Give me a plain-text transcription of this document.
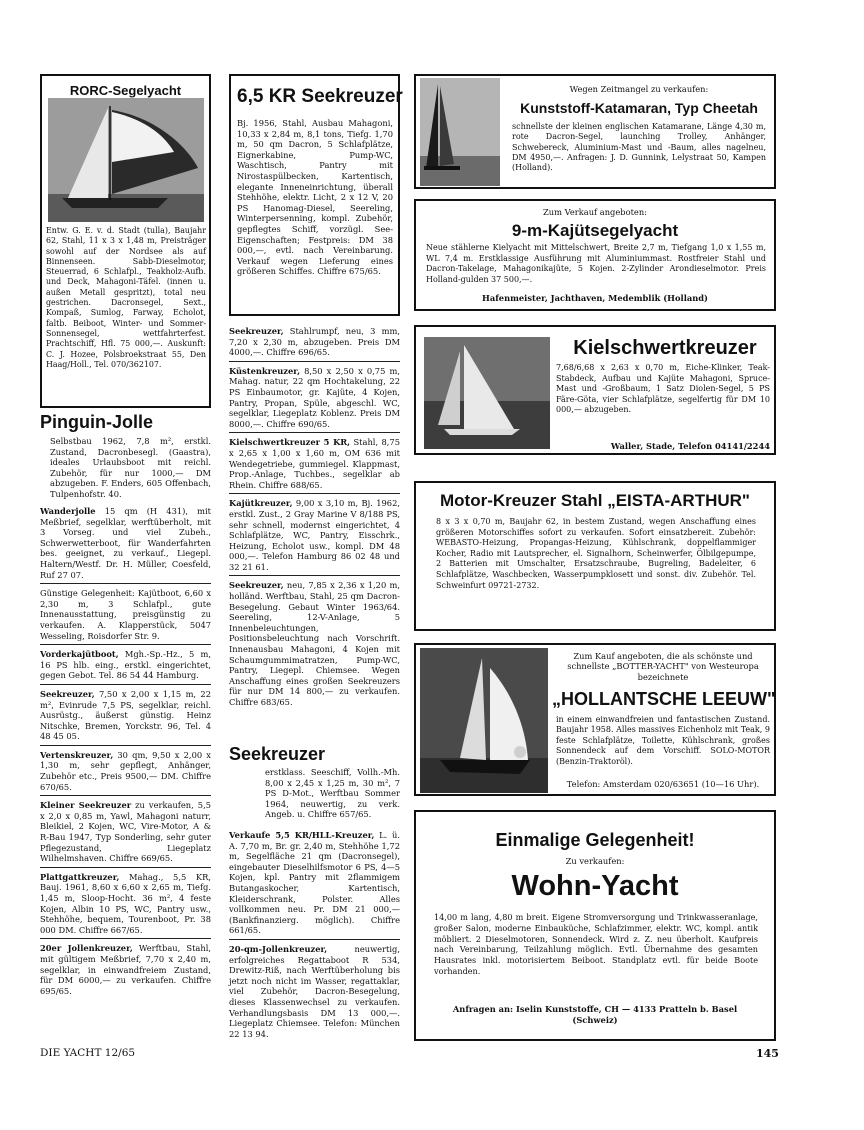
RORC-Segelyacht

Entw. G. E. v. d. Stadt (tulla), Baujahr 62, Stahl, 11 x 3 x 1,48 m, Preisträger sowohl auf der Nordsee als auf Binnenseen. Sabb-Dieselmotor, Steuerrad, 6 Schlafpl., Teakholz-Aufb. und Deck, Mahagoni-Täfel. (innen u. außen Metall gespritzt), total neu gestrichen. Dacronsegel, Sext., Kompaß, Sumlog, Farway, Echolot, faltb. Beiboot, Winter- und Sommer-Sonnensegel, wettfahrterfest. Prachtschiff, Hfl. 75 000,—. Auskunft: C. J. Hozee, Polsbroekstraat 55, Den Haag/Holl., Tel. 070/362107.

Pinguin-Jolle

Selbstbau 1962, 7,8 m², erstkl. Zustand, Dacronbesegl. (Gaastra), ideales Urlaubsboot mit reichl. Zubehör, für nur 1000,— DM abzugeben. F. Enders, 605 Offenbach, Tulpenhofstr. 40.

Wanderjolle 15 qm (H 431), mit Meßbrief, segelklar, werftüberholt, mit 3 Vorseg. und viel Zubeh., Schwerwetterboot, für Wanderfahrten bes. geeignet, zu verkauf., Liegepl. Haltern/Westf. Dr. H. Müller, Coesfeld, Ruf 27 07.

Günstige Gelegenheit: Kajütboot, 6,60 x 2,30 m, 3 Schlafpl., gute Innenausstattung, preisgünstig zu verkaufen. A. Klapperstück, 5047 Wesseling, Roisdorfer Str. 9.

Vorderkajütboot, Mgh.-Sp.-Hz., 5 m, 16 PS hlb. eing., erstkl. eingerichtet, gegen Gebot. Tel. 86 54 44 Hamburg.

Seekreuzer, 7,50 x 2,00 x 1,15 m, 22 m², Evinrude 7,5 PS, segelklar, reichl. Ausrüstg., äußerst günstig. Heinz Nitschke, Bremen, Yorckstr. 96, Tel. 4 48 45 05.

Vertenskreuzer, 30 qm, 9,50 x 2,00 x 1,30 m, sehr gepflegt, Anhänger, Zubehör etc., Preis 9500,— DM. Chiffre 670/65.

Kleiner Seekreuzer zu verkaufen, 5,5 x 2,0 x 0,85 m, Yawl, Mahagoni naturr, Bleikiel, 2 Kojen, WC, Vire-Motor, A & R-Bau 1947, Typ Sonderling, sehr guter Pflegezustand, Liegeplatz Wilhelmshaven. Chiffre 669/65.

Plattgattkreuzer, Mahag., 5,5 KR, Bauj. 1961, 8,60 x 6,60 x 2,65 m, Tiefg. 1,45 m, Sloop-Hocht. 36 m², 4 feste Kojen, Albin 10 PS, WC, Pantry usw., Stehhöhe, bequem, Tourenboot, Pr. 38 000 DM. Chiffre 667/65.

20er Jollenkreuzer, Werftbau, Stahl, mit gültigem Meßbrief, 7,70 x 2,40 m, segelklar, in einwandfreiem Zustand, für DM 6000,— zu verkaufen. Chiffre 695/65.

6,5 KR Seekreuzer

Bj. 1956, Stahl, Ausbau Mahagoni, 10,33 x 2,84 m, 8,1 tons, Tiefg. 1,70 m, 50 qm Dacron, 5 Schlafplätze, Eignerkabine, Pump-WC, Waschtisch, Pantry mit Nirostaspülbecken, Kartentisch, elegante Inneneinrichtung, überall Stehhöhe, elektr. Licht, 2 x 12 V, 20 PS Hanomag-Diesel, Seereling, Winterpersenning, kompl. Zubehör, gepflegtes Schiff, vorzügl. See-Eigenschaften; Festpreis: DM 38 000,—, evtl. nach Vereinbarung. Verkauf wegen Lieferung eines größeren Schiffes. Chiffre 675/65.

Seekreuzer, Stahlrumpf, neu, 3 mm, 7,20 x 2,30 m, abzugeben. Preis DM 4000,—. Chiffre 696/65.

Küstenkreuzer, 8,50 x 2,50 x 0,75 m, Mahag. natur, 22 qm Hochtakelung, 22 PS Einbaumotor, gr. Kajüte, 4 Kojen, Pantry, Propan, Spüle, abgeschl. WC, segelklar, Liegeplatz Koblenz. Preis DM 8000,—. Chiffre 690/65.

Kielschwertkreuzer 5 KR, Stahl, 8,75 x 2,65 x 1,00 x 1,60 m, OM 636 mit Wendegetriebe, gummiegel. Klappmast, Prop.-Anlage, Tuchbes., segelklar ab Rhein. Chiffre 688/65.

Kajütkreuzer, 9,00 x 3,10 m, Bj. 1962, erstkl. Zust., 2 Gray Marine V 8/188 PS, sehr schnell, modernst eingerichtet, 4 Schlafplätze, WC, Pantry, Eisschrk., Heizung, Echolot usw., kompl. DM 48 000,—. Telefon Hamburg 86 02 48 und 32 21 61.

Seekreuzer, neu, 7,85 x 2,36 x 1,20 m, holländ. Werftbau, Stahl, 25 qm Dacron-Besegelung. Gebaut Winter 1963/64. Seereling, 12-V-Anlage, 5 Innenbeleuchtungen, Positionsbeleuchtung nach Vorschrift. Innenausbau Mahagoni, 4 Kojen mit Schaumgummimatratzen, Pump-WC, Pantry, Liegepl. Chiemsee. Wegen Anschaffung eines großen Seekreuzers für nur DM 14 800,— zu verkaufen. Chiffre 683/65.

Seekreuzer

erstklass. Seeschiff, Vollh.-Mh. 8,00 x 2,45 x 1,25 m, 30 m², 7 PS D-Mot., Werftbau Sommer 1964, neuwertig, zu verk. Angeb. u. Chiffre 657/65.

Verkaufe 5,5 KR/HLL-Kreuzer, L. ü. A. 7,70 m, Br. gr. 2,40 m, Stehhöhe 1,72 m, Segelfläche 21 qm (Dacronsegel), eingebauter Dieselhilfsmotor 6 PS, 4—5 Kojen, kpl. Pantry mit 2flammigem Butangaskocher, Kartentisch, Kleiderschrank, Polster. Alles vollkommen neu. Pr. DM 21 000,— (Bankfinanzierg. möglich). Chiffre 661/65.

20-qm-Jollenkreuzer, neuwertig, erfolgreiches Regattaboot R 534, Drewitz-Riß, nach Werftüberholung bis jetzt noch nicht im Wasser, regattaklar, viel Zubehör, Dacron-Besegelung, dieses Klassenwechsel zu verkaufen. Verhandlungsbasis DM 13 000,—. Liegeplatz Chiemsee. Telefon: München 22 13 94.

Wegen Zeitmangel zu verkaufen:
Kunststoff-Katamaran, Typ Cheetah

schnellste der kleinen englischen Katamarane, Länge 4,30 m, rote Dacron-Segel, launching Trolley, Anhänger, Schwebereck, Aluminium-Mast und -Baum, alles nagelneu, DM 4950,—. Anfragen: J. D. Gunnink, Lelystraat 50, Kampen (Holland).

Zum Verkauf angeboten:
9-m-Kajütsegelyacht

Neue stählerne Kielyacht mit Mittelschwert, Breite 2,7 m, Tiefgang 1,0 x 1,55 m, WL 7,4 m. Erstklassige Ausführung mit Aluminiummast. Rostfreier Stahl und Dacron-Takelage, Mahagonikajüte, 5 Kojen. 2-Zylinder Arondieselmotor. Preis Holland-gulden 37 500,—.

Hafenmeister, Jachthaven, Medemblik (Holland)
Kielschwertkreuzer

7,68/6,68 x 2,63 x 0,70 m, Eiche-Klinker, Teak-Stabdeck, Aufbau und Kajüte Mahagoni, Spruce-Mast und -Großbaum, 1 Satz Diolen-Segel, 5 PS Färe-Göta, vier Schlafplätze, segelfertig für DM 10 000,— abzugeben.

Waller, Stade, Telefon 04141/2244
Motor-Kreuzer Stahl „EISTA-ARTHUR"

8 x 3 x 0,70 m, Baujahr 62, in bestem Zustand, wegen Anschaffung eines größeren Motorschiffes sofort zu verkaufen. Sofort einsatzbereit. Zubehör: WEBASTO-Heizung, Propangas-Heizung, Kühlschrank, doppelflammiger Kocher, Radio mit Lautsprecher, el. Signalhorn, Scheinwerfer, Ölbilgepumpe, 2 Batterien mit Umschalter, Ersatzschraube, Bugreling, Badeleiter, 6 Schlafplätze, Waschbecken, Wasserpumpklosett und sonst. div. Zubehör. Tel. Schweinfurt 09721-2732.

Zum Kauf angeboten, die als schönste und schnellste „BOTTER-YACHT" von Westeuropa bezeichnete

„HOLLANTSCHE LEEUW"

in einem einwandfreien und fantastischen Zustand. Baujahr 1958. Alles massives Eichenholz mit Teak, 9 feste Schlafplätze, Toilette, Kühlschrank, großes Sonnendeck auf dem Vorschiff. SOLO-MOTOR (Benzin-Traktoröl).

Telefon: Amsterdam 020/63651 (10—16 Uhr).
Einmalige Gelegenheit!
Zu verkaufen:
Wohn-Yacht

14,00 m lang, 4,80 m breit. Eigene Stromversorgung und Trinkwasseranlage, großer Salon, moderne Einbauküche, Schlafzimmer, elektr. WC, kompl. antik möbliert. 2 Dieselmotoren, Sonnendeck. Wird z. Z. neu überholt. Kaufpreis nach Vereinbarung, Teilzahlung möglich. Evtl. Übernahme des gesamten Hausrates inkl. motorisiertem Beiboot. Standplatz evtl. für beide Boote vorhanden.

Anfragen an: Iselin Kunststoffe, CH — 4133 Pratteln b. Basel (Schweiz)
DIE YACHT 12/65	145
